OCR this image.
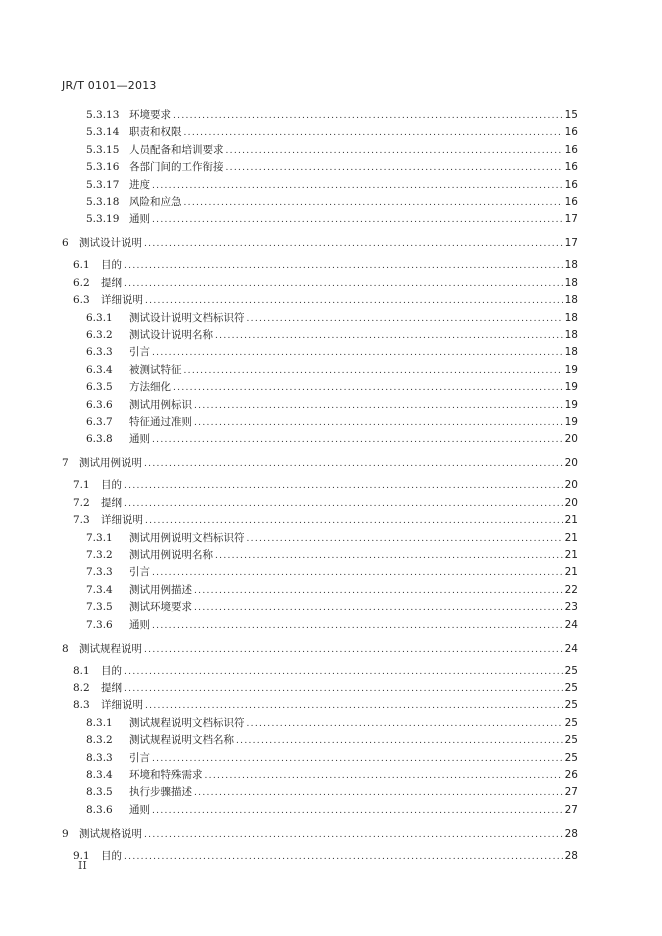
JR/T 0101—2013
5.3.13 环境要求 .....	15
5.3.14 职责和权限 .....	16
5.3.15 人员配备和培训要求 .....	16
5.3.16 各部门间的工作衔接 .....	16
5.3.17 进度 .....	16
5.3.18 风险和应急 .....	16
5.3.19 通则 .....	17
6 测试设计说明 .....	17
6.1	目的 .....	18
6.2	提纲 .....	18
6.3	详细说明 .....	18
6.3.1	测试设计说明文档标识符 .....	18
6.3.2	测试设计说明名称 .....	18
6.3.3	引言 .....	18
6.3.4	被测试特征 .....	19
6.3.5	方法细化 .....	19
6.3.6	测试用例标识 .....	19
6.3.7	特征通过准则 .....	19
6.3.8	通则 .....	20
7 测试用例说明 .....	20
7.1	目的 .....	20
7.2	提纲 .....	20
7.3	详细说明 .....	21
7.3.1	测试用例说明文档标识符 .....	21
7.3.2	测试用例说明名称 .....	21
7.3.3	引言 .....	21
7.3.4	测试用例描述 .....	22
7.3.5	测试环境要求 .....	23
7.3.6	通则 .....	24
8 测试规程说明 .....	24
8.1	目的 .....	25
8.2	提纲 .....	25
8.3	详细说明 .....	25
8.3.1	测试规程说明文档标识符 .....	25
8.3.2	测试规程说明文档名称 .....	25
8.3.3	引言 .....	25
8.3.4	环境和特殊需求 .....	26
8.3.5	执行步骤描述 .....	27
8.3.6	通则 .....	27
9 测试规格说明 .....	28
9.1	目的 .....	28
II
